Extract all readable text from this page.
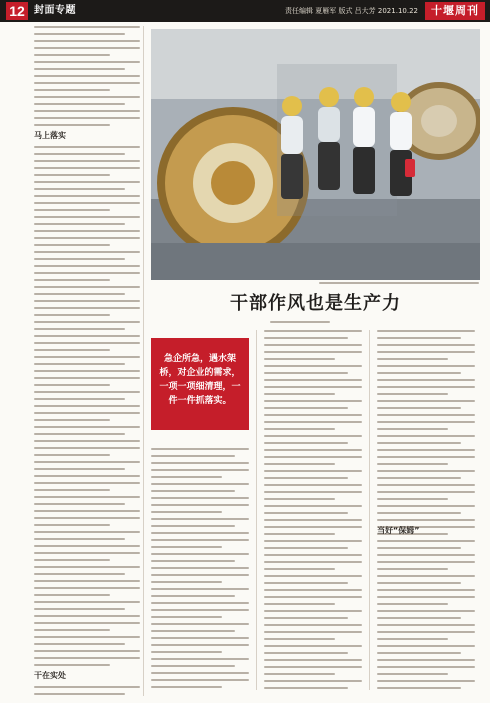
12 封面专题	责任编辑 夏雁军 版式 吕大芳 2021.10.22	十堰周刊
马上落实
干在实处
干部作风也是生产力
急企所急，遇水架桥，对企业的需求，一项一项细清理，一件一件抓落实。
当好“保姆”
